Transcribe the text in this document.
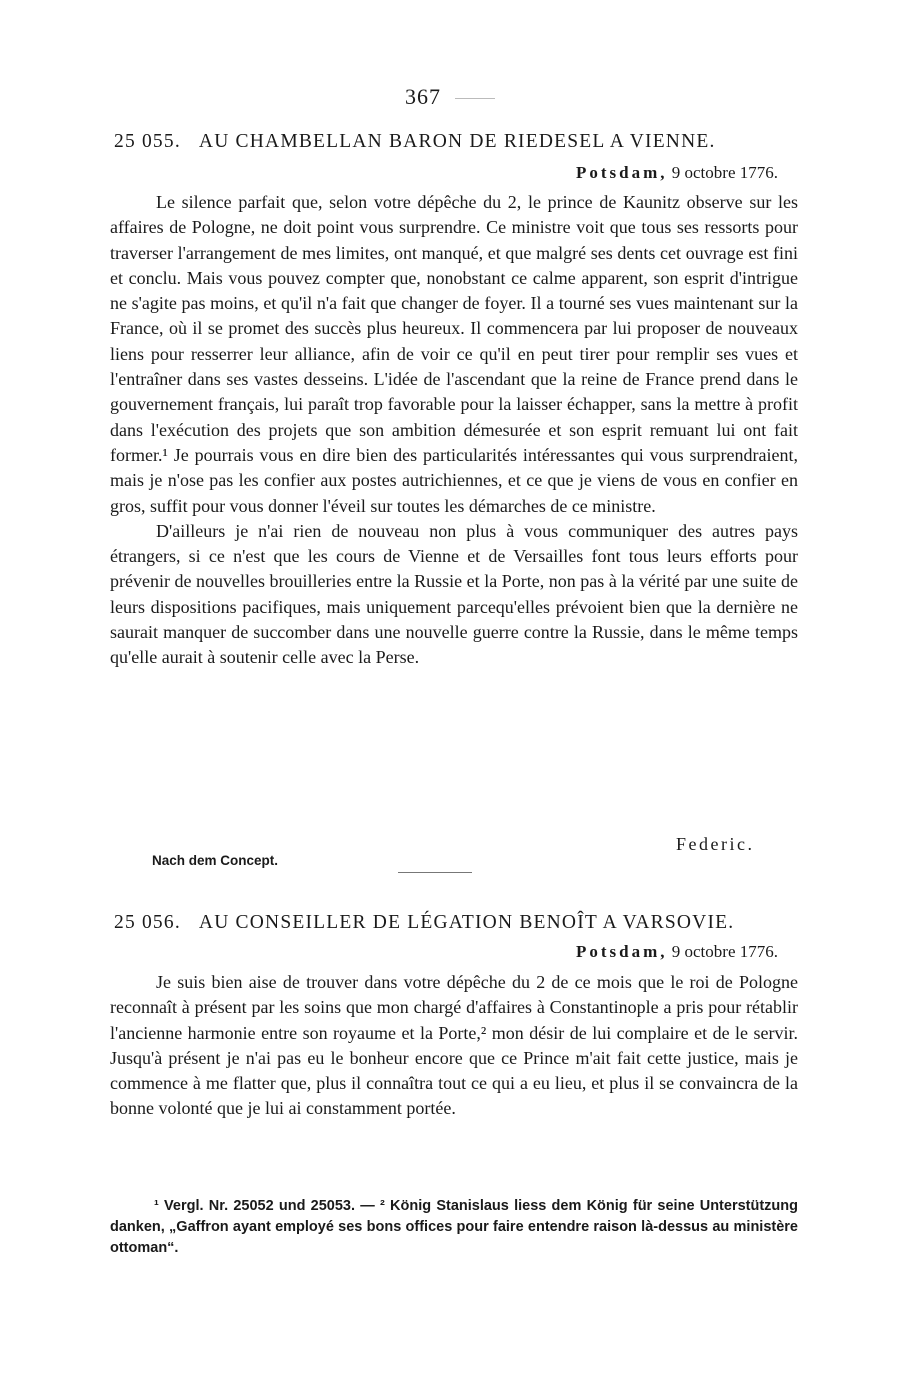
367
25 055. AU CHAMBELLAN BARON DE RIEDESEL A VIENNE.
Potsdam, 9 octobre 1776.

Le silence parfait que, selon votre dépêche du 2, le prince de Kaunitz observe sur les affaires de Pologne, ne doit point vous surprendre. Ce ministre voit que tous ses ressorts pour traverser l'arrangement de mes limites, ont manqué, et que malgré ses dents cet ouvrage est fini et conclu. Mais vous pouvez compter que, nonobstant ce calme apparent, son esprit d'intrigue ne s'agite pas moins, et qu'il n'a fait que changer de foyer. Il a tourné ses vues maintenant sur la France, où il se promet des succès plus heureux. Il commencera par lui proposer de nouveaux liens pour resserrer leur alliance, afin de voir ce qu'il en peut tirer pour remplir ses vues et l'entraîner dans ses vastes desseins. L'idée de l'ascendant que la reine de France prend dans le gouvernement français, lui paraît trop favorable pour la laisser échapper, sans la mettre à profit dans l'exécution des projets que son ambition démesurée et son esprit remuant lui ont fait former.¹ Je pourrais vous en dire bien des particularités intéressantes qui vous surprendraient, mais je n'ose pas les confier aux postes autrichiennes, et ce que je viens de vous en confier en gros, suffit pour vous donner l'éveil sur toutes les démarches de ce ministre.

D'ailleurs je n'ai rien de nouveau non plus à vous communiquer des autres pays étrangers, si ce n'est que les cours de Vienne et de Versailles font tous leurs efforts pour prévenir de nouvelles brouilleries entre la Russie et la Porte, non pas à la vérité par une suite de leurs dispositions pacifiques, mais uniquement parcequ'elles prévoient bien que la dernière ne saurait manquer de succomber dans une nouvelle guerre contre la Russie, dans le même temps qu'elle aurait à soutenir celle avec la Perse.

Federic.
Nach dem Concept.
25 056. AU CONSEILLER DE LÉGATION BENOÎT A VARSOVIE.
Potsdam, 9 octobre 1776.

Je suis bien aise de trouver dans votre dépêche du 2 de ce mois que le roi de Pologne reconnaît à présent par les soins que mon chargé d'affaires à Constantinople a pris pour rétablir l'ancienne harmonie entre son royaume et la Porte,² mon désir de lui complaire et de le servir. Jusqu'à présent je n'ai pas eu le bonheur encore que ce Prince m'ait fait cette justice, mais je commence à me flatter que, plus il connaîtra tout ce qui a eu lieu, et plus il se convaincra de la bonne volonté que je lui ai constamment portée.

¹ Vergl. Nr. 25052 und 25053. — ² König Stanislaus liess dem König für seine Unterstützung danken, „Gaffron ayant employé ses bons offices pour faire entendre raison là-dessus au ministère ottoman“.
